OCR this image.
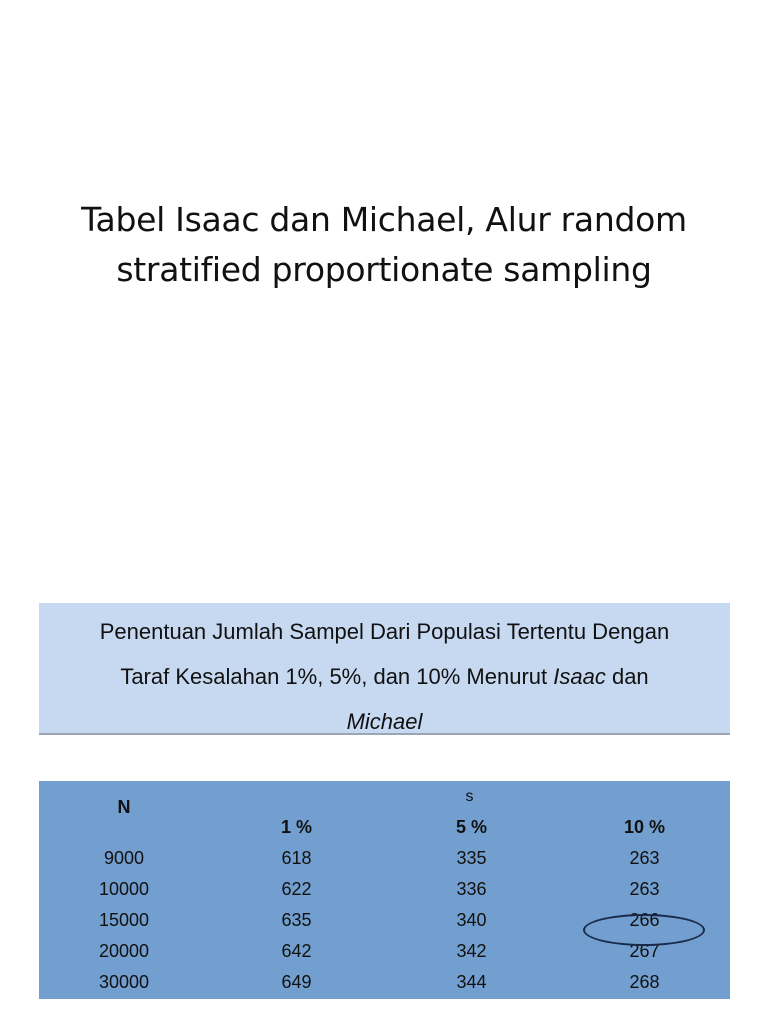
Tabel Isaac dan Michael, Alur random
stratified proportionate sampling
Penentuan Jumlah Sampel Dari Populasi Tertentu Dengan
Taraf Kesalahan 1%, 5%, dan 10% Menurut Isaac dan
Michael
N	s		
	1 %	5 %	10 %
9000	618	335	263
10000	622	336	263
15000	635	340	266
20000	642	342	267
30000	649	344	268
